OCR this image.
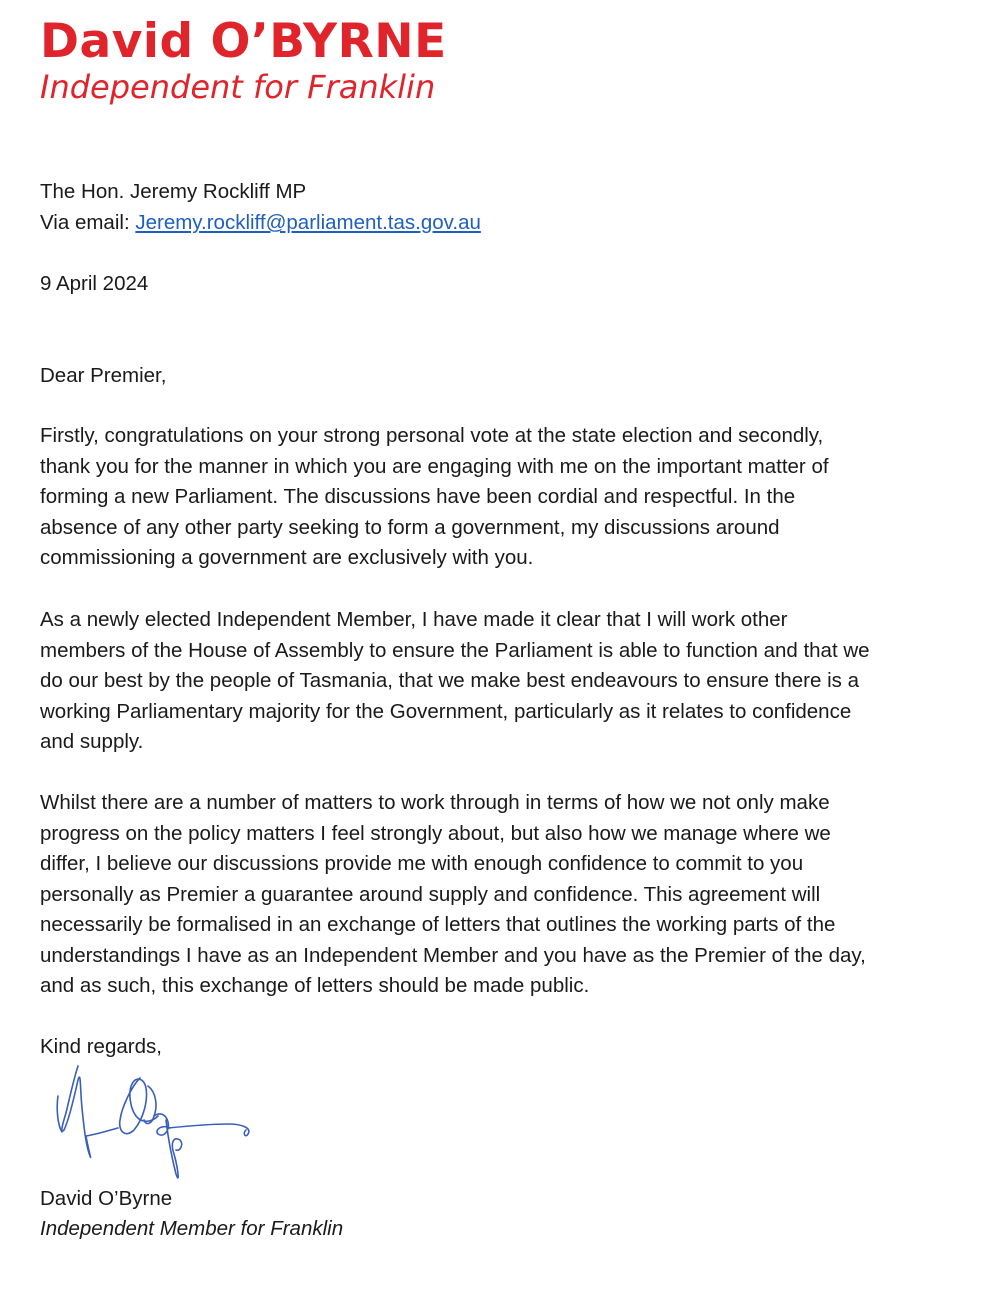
David O’BYRNE
Independent for Franklin
The Hon. Jeremy Rockliff MP
Via email: Jeremy.rockliff@parliament.tas.gov.au
9 April 2024
Dear Premier,
Firstly, congratulations on your strong personal vote at the state election and secondly,
thank you for the manner in which you are engaging with me on the important matter of
forming a new Parliament. The discussions have been cordial and respectful. In the
absence of any other party seeking to form a government, my discussions around
commissioning a government are exclusively with you.
As a newly elected Independent Member, I have made it clear that I will work other
members of the House of Assembly to ensure the Parliament is able to function and that we
do our best by the people of Tasmania, that we make best endeavours to ensure there is a
working Parliamentary majority for the Government, particularly as it relates to confidence
and supply.
Whilst there are a number of matters to work through in terms of how we not only make
progress on the policy matters I feel strongly about, but also how we manage where we
differ, I believe our discussions provide me with enough confidence to commit to you
personally as Premier a guarantee around supply and confidence. This agreement will
necessarily be formalised in an exchange of letters that outlines the working parts of the
understandings I have as an Independent Member and you have as the Premier of the day,
and as such, this exchange of letters should be made public.
Kind regards,
David O’Byrne
Independent Member for Franklin
